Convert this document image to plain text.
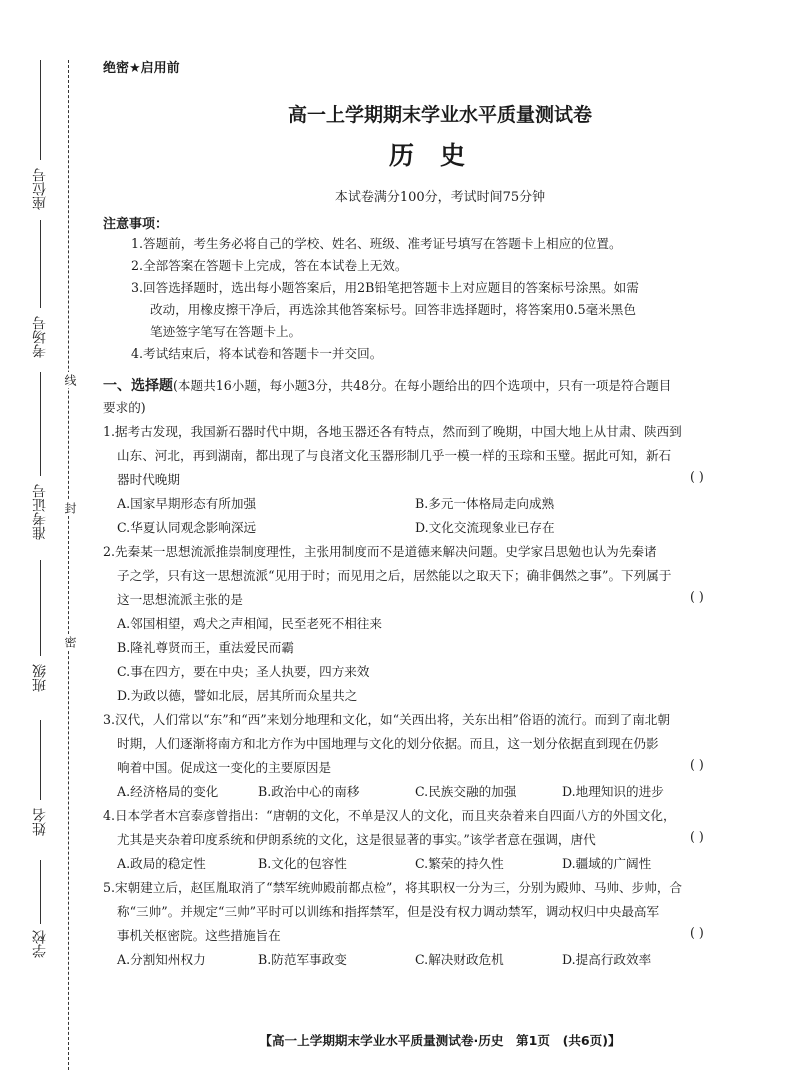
线
封
密
座位号
考场号
准考证号
班级
姓名
学校
绝密★启用前
高一上学期期末学业水平质量测试卷
历史
本试卷满分100分，考试时间75分钟
注意事项：
1.答题前，考生务必将自己的学校、姓名、班级、准考证号填写在答题卡上相应的位置。
2.全部答案在答题卡上完成，答在本试卷上无效。
3.回答选择题时，选出每小题答案后，用2B铅笔把答题卡上对应题目的答案标号涂黑。如需
改动，用橡皮擦干净后，再选涂其他答案标号。回答非选择题时，将答案用0.5毫米黑色
笔迹签字笔写在答题卡上。
4.考试结束后，将本试卷和答题卡一并交回。
一、选择题(本题共16小题，每小题3分，共48分。在每小题给出的四个选项中，只有一项是符合题目
要求的)
1.据考古发现，我国新石器时代中期，各地玉器还各有特点，然而到了晚期，中国大地上从甘肃、陕西到
山东、河北，再到湖南，都出现了与良渚文化玉器形制几乎一模一样的玉琮和玉璧。据此可知，新石
器时代晚期	( )
A.国家早期形态有所加强	B.多元一体格局走向成熟
C.华夏认同观念影响深远	D.文化交流现象业已存在
2.先秦某一思想流派推崇制度理性，主张用制度而不是道德来解决问题。史学家吕思勉也认为先秦诸
子之学，只有这一思想流派“见用于时；而见用之后，居然能以之取天下；确非偶然之事”。下列属于
这一思想流派主张的是	( )
A.邻国相望，鸡犬之声相闻，民至老死不相往来
B.隆礼尊贤而王，重法爱民而霸
C.事在四方，要在中央；圣人执要，四方来效
D.为政以德，譬如北辰，居其所而众星共之
3.汉代，人们常以“东”和“西”来划分地理和文化，如“关西出将，关东出相”俗语的流行。而到了南北朝
时期，人们逐渐将南方和北方作为中国地理与文化的划分依据。而且，这一划分依据直到现在仍影
响着中国。促成这一变化的主要原因是	( )
A.经济格局的变化	B.政治中心的南移	C.民族交融的加强	D.地理知识的进步
4.日本学者木宫泰彦曾指出：“唐朝的文化，不单是汉人的文化，而且夹杂着来自四面八方的外国文化，
尤其是夹杂着印度系统和伊朗系统的文化，这是很显著的事实。”该学者意在强调，唐代	( )
A.政局的稳定性	B.文化的包容性	C.繁荣的持久性	D.疆域的广阔性
5.宋朝建立后，赵匡胤取消了“禁军统帅殿前都点检”，将其职权一分为三，分别为殿帅、马帅、步帅，合
称“三帅”。并规定“三帅”平时可以训练和指挥禁军，但是没有权力调动禁军，调动权归中央最高军
事机关枢密院。这些措施旨在	( )
A.分割知州权力	B.防范军事政变	C.解决财政危机	D.提高行政效率
【高一上学期期末学业水平质量测试卷·历史　第1页　(共6页)】
